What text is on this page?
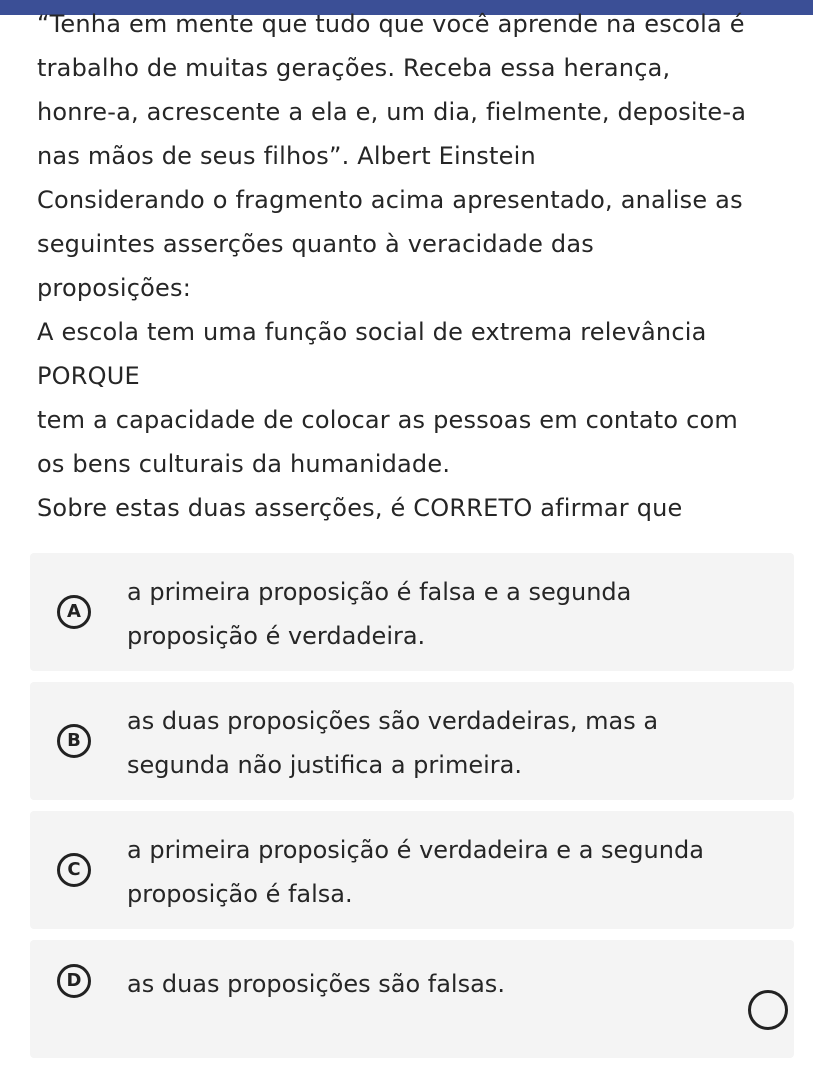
“Tenha em mente que tudo que você aprende na escola é

trabalho de muitas gerações. Receba essa herança,

honre-a, acrescente a ela e, um dia, fielmente, deposite-a

nas mãos de seus filhos”. Albert Einstein

Considerando o fragmento acima apresentado, analise as

seguintes asserções quanto à veracidade das

proposições:

A escola tem uma função social de extrema relevância

PORQUE

tem a capacidade de colocar as pessoas em contato com

os bens culturais da humanidade.

Sobre estas duas asserções, é CORRETO afirmar que

A
a primeira proposição é falsa e a segunda
proposição é verdadeira.
B
as duas proposições são verdadeiras, mas a
segunda não justifica a primeira.
C
a primeira proposição é verdadeira e a segunda
proposição é falsa.
D	as duas proposições são falsas.
